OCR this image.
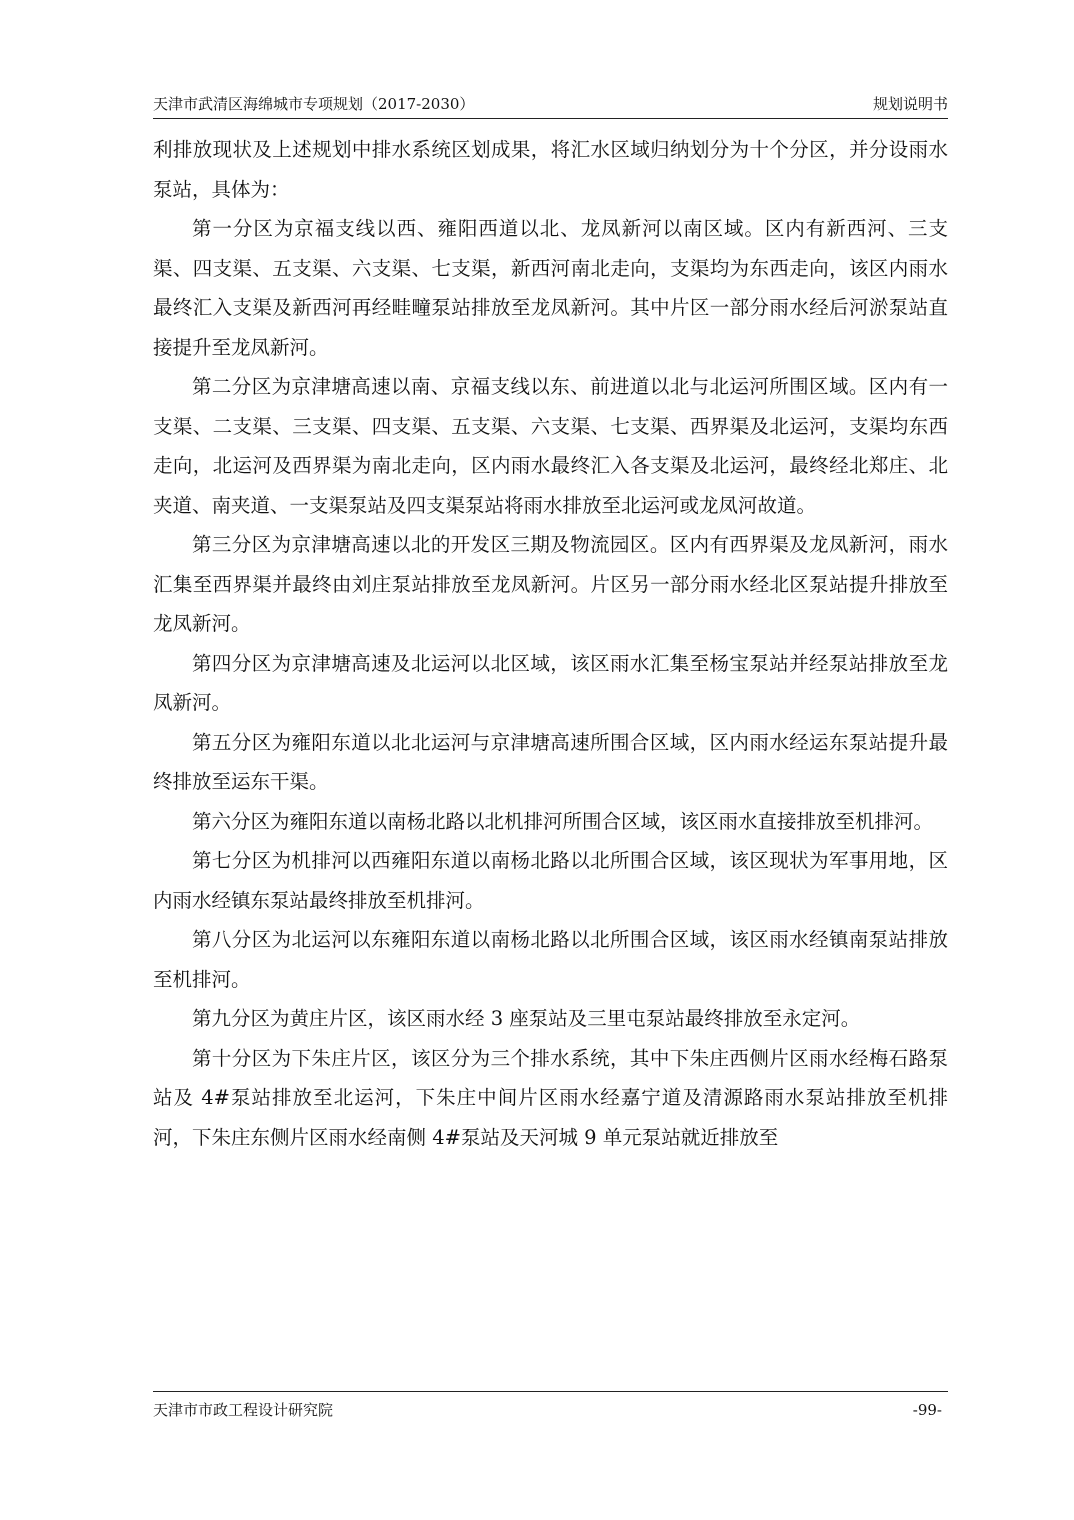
天津市武清区海绵城市专项规划（2017-2030）	规划说明书

利排放现状及上述规划中排水系统区划成果，将汇水区域归纳划分为十个分区，并分设雨水泵站，具体为：

第一分区为京福支线以西、雍阳西道以北、龙凤新河以南区域。区内有新西河、三支渠、四支渠、五支渠、六支渠、七支渠，新西河南北走向，支渠均为东西走向，该区内雨水最终汇入支渠及新西河再经畦疃泵站排放至龙凤新河。其中片区一部分雨水经后河淤泵站直接提升至龙凤新河。

第二分区为京津塘高速以南、京福支线以东、前进道以北与北运河所围区域。区内有一支渠、二支渠、三支渠、四支渠、五支渠、六支渠、七支渠、西界渠及北运河，支渠均东西走向，北运河及西界渠为南北走向，区内雨水最终汇入各支渠及北运河，最终经北郑庄、北夹道、南夹道、一支渠泵站及四支渠泵站将雨水排放至北运河或龙凤河故道。

第三分区为京津塘高速以北的开发区三期及物流园区。区内有西界渠及龙凤新河，雨水汇集至西界渠并最终由刘庄泵站排放至龙凤新河。片区另一部分雨水经北区泵站提升排放至龙凤新河。

第四分区为京津塘高速及北运河以北区域，该区雨水汇集至杨宝泵站并经泵站排放至龙凤新河。

第五分区为雍阳东道以北北运河与京津塘高速所围合区域，区内雨水经运东泵站提升最终排放至运东干渠。

第六分区为雍阳东道以南杨北路以北机排河所围合区域，该区雨水直接排放至机排河。

第七分区为机排河以西雍阳东道以南杨北路以北所围合区域，该区现状为军事用地，区内雨水经镇东泵站最终排放至机排河。

第八分区为北运河以东雍阳东道以南杨北路以北所围合区域，该区雨水经镇南泵站排放至机排河。

第九分区为黄庄片区，该区雨水经 3 座泵站及三里屯泵站最终排放至永定河。

第十分区为下朱庄片区，该区分为三个排水系统，其中下朱庄西侧片区雨水经梅石路泵站及 4#泵站排放至北运河，下朱庄中间片区雨水经嘉宁道及清源路雨水泵站排放至机排河，下朱庄东侧片区雨水经南侧 4#泵站及天河城 9 单元泵站就近排放至

天津市市政工程设计研究院	-99-
